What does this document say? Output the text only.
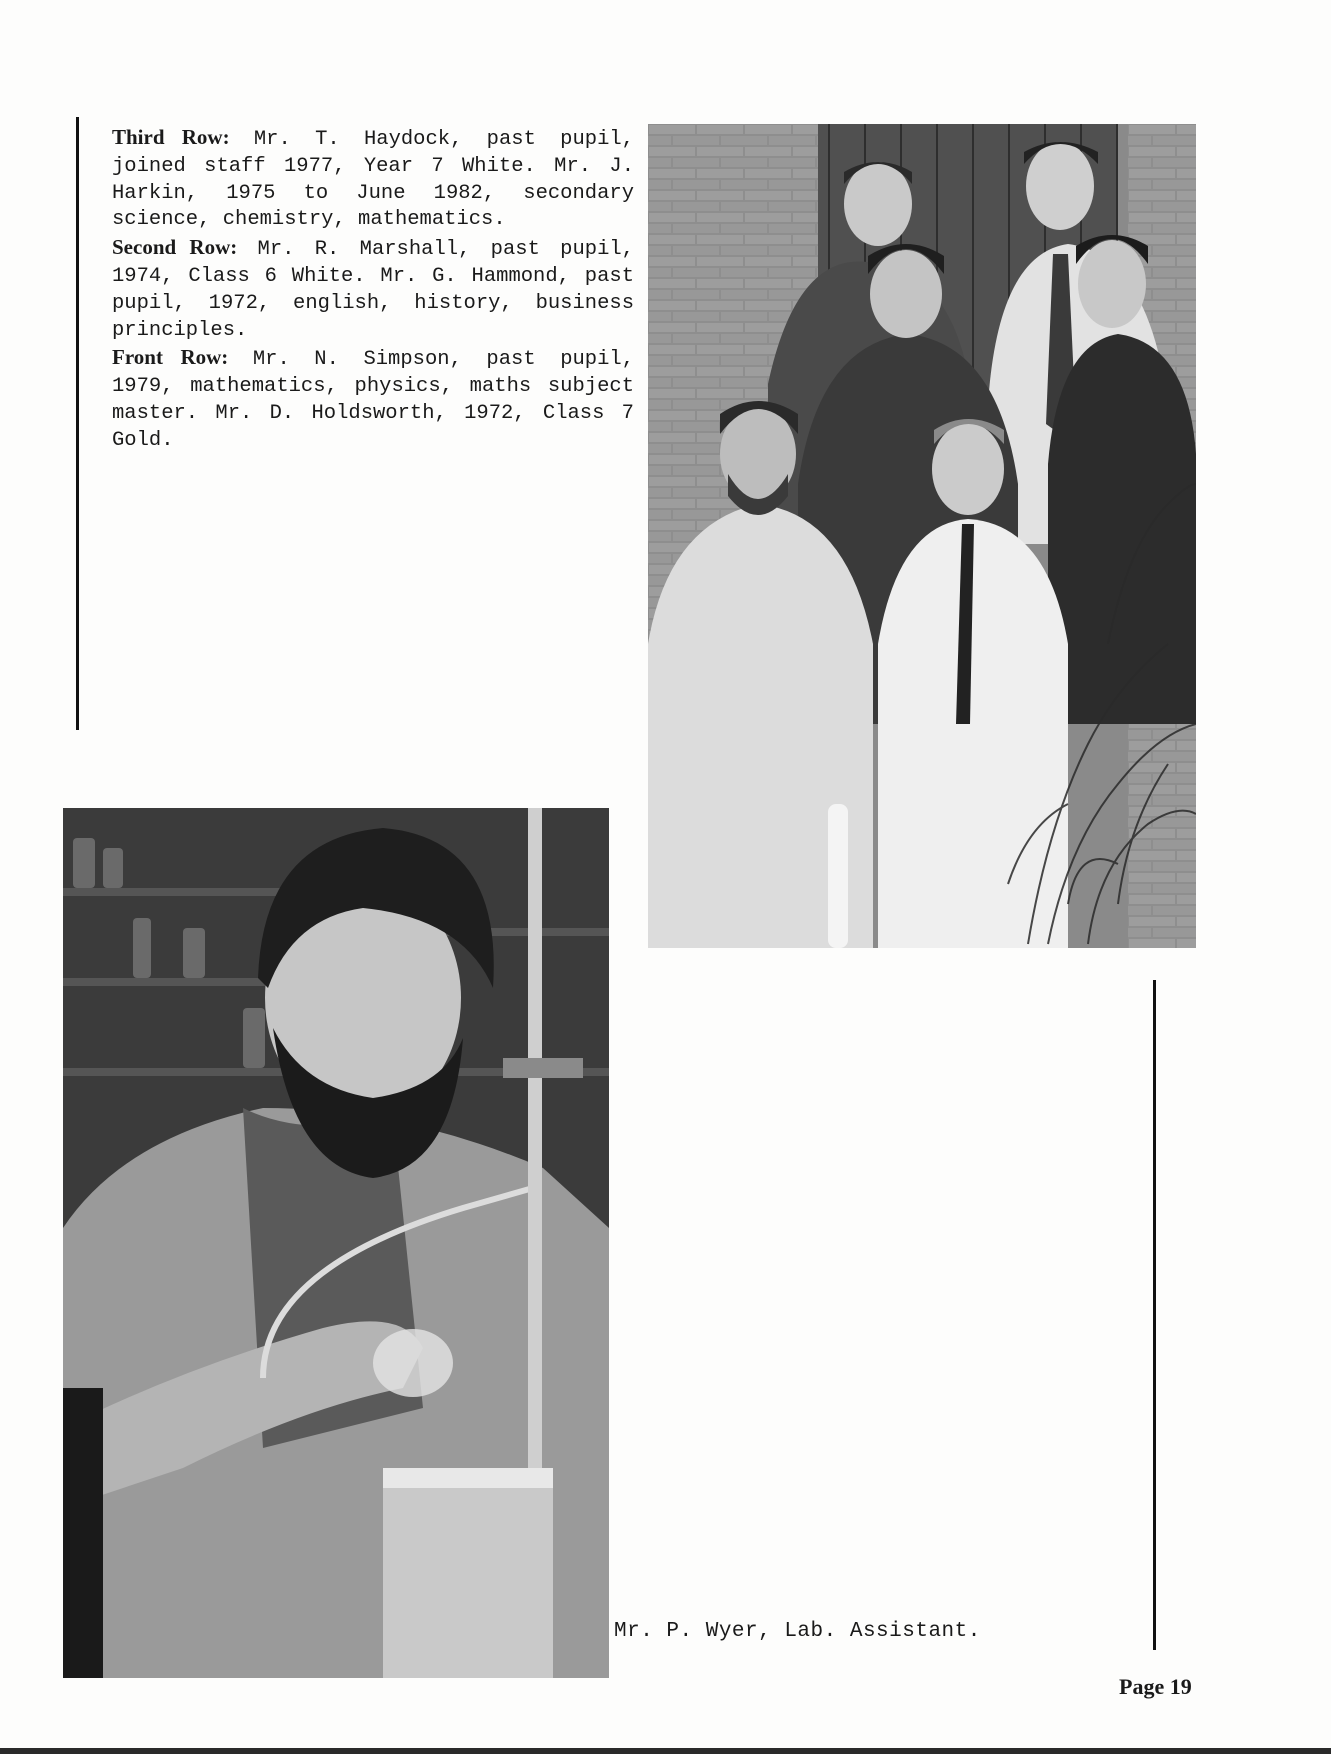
Third Row: Mr. T. Haydock, past pupil, joined staff 1977, Year 7 White. Mr. J. Harkin, 1975 to June 1982, secondary science, chemistry, mathematics.

Second Row: Mr. R. Marshall, past pupil, 1974, Class 6 White. Mr. G. Hammond, past pupil, 1972, english, history, business principles.

Front Row: Mr. N. Simpson, past pupil, 1979, mathematics, physics, maths subject master. Mr. D. Holdsworth, 1972, Class 7 Gold.

Mr. P. Wyer, Lab. Assistant.
Page 19
